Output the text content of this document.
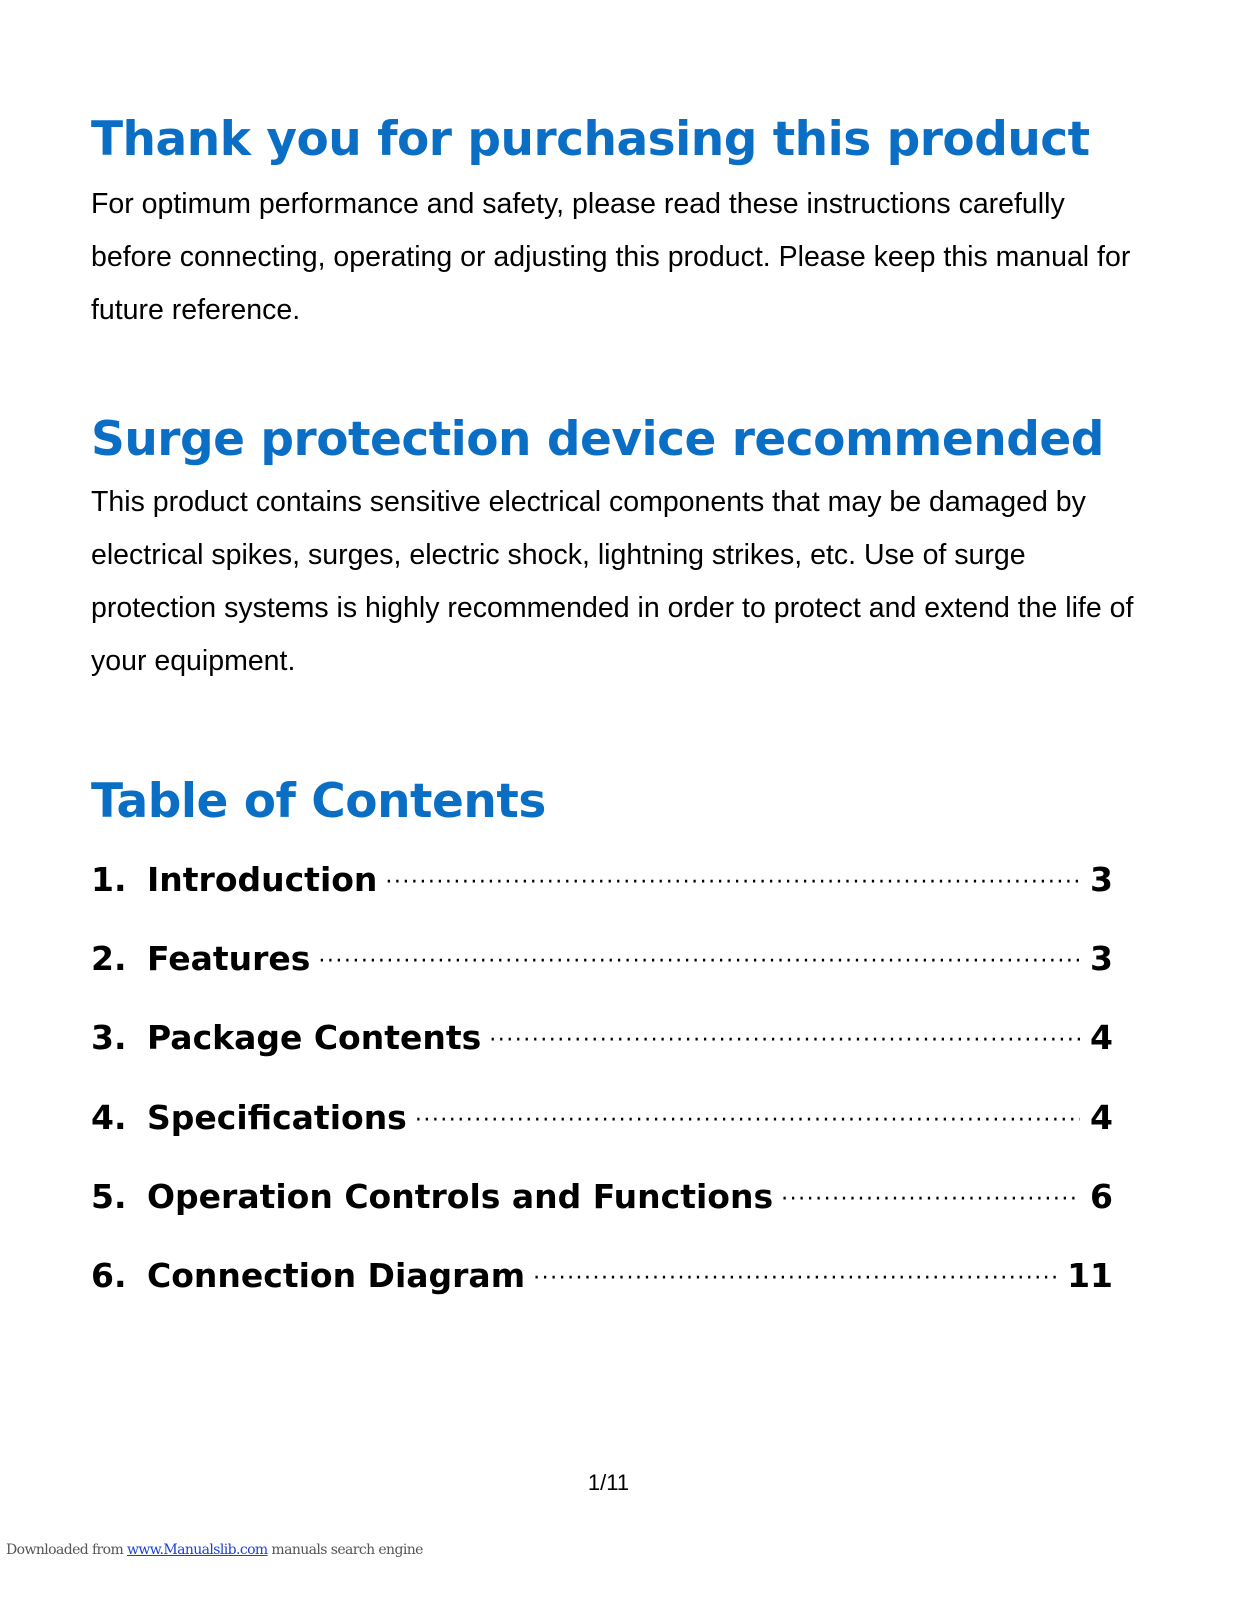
Thank you for purchasing this product

For optimum performance and safety, please read these instructions carefully before connecting, operating or adjusting this product. Please keep this manual for future reference.

Surge protection device recommended

This product contains sensitive electrical components that may be damaged by electrical spikes, surges, electric shock, lightning strikes, etc. Use of surge protection systems is highly recommended in order to protect and extend the life of your equipment.

Table of Contents
1. Introduction ·····	3
2. Features ·····	3
3. Package Contents ·····	4
4. Specifications ·····	4
5. Operation Controls and Functions ·····	6
6. Connection Diagram ·····	11
1/11
Downloaded from www.Manualslib.com manuals search engine
